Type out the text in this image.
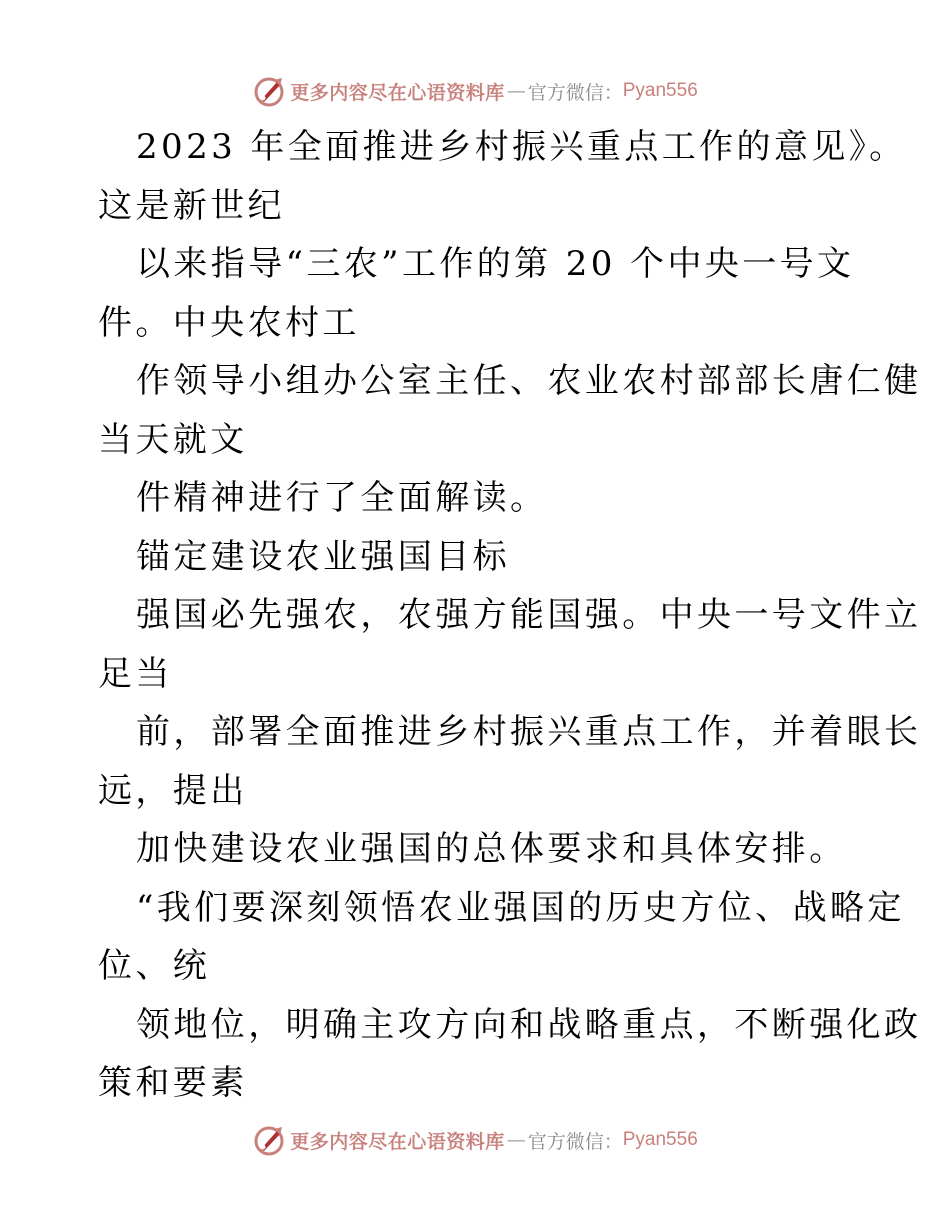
更多内容尽在心语资料库 — 官方微信： Pyan556
2023 年全面推进乡村振兴重点工作的意见》。
这是新世纪
以来指导“三农”工作的第 20 个中央一号文
件。中央农村工
作领导小组办公室主任、农业农村部部长唐仁健
当天就文
件精神进行了全面解读。
锚定建设农业强国目标
强国必先强农，农强方能国强。中央一号文件立
足当
前，部署全面推进乡村振兴重点工作，并着眼长
远，提出
加快建设农业强国的总体要求和具体安排。
“我们要深刻领悟农业强国的历史方位、战略定
位、统
领地位，明确主攻方向和战略重点，不断强化政
策和要素
更多内容尽在心语资料库 — 官方微信： Pyan556
